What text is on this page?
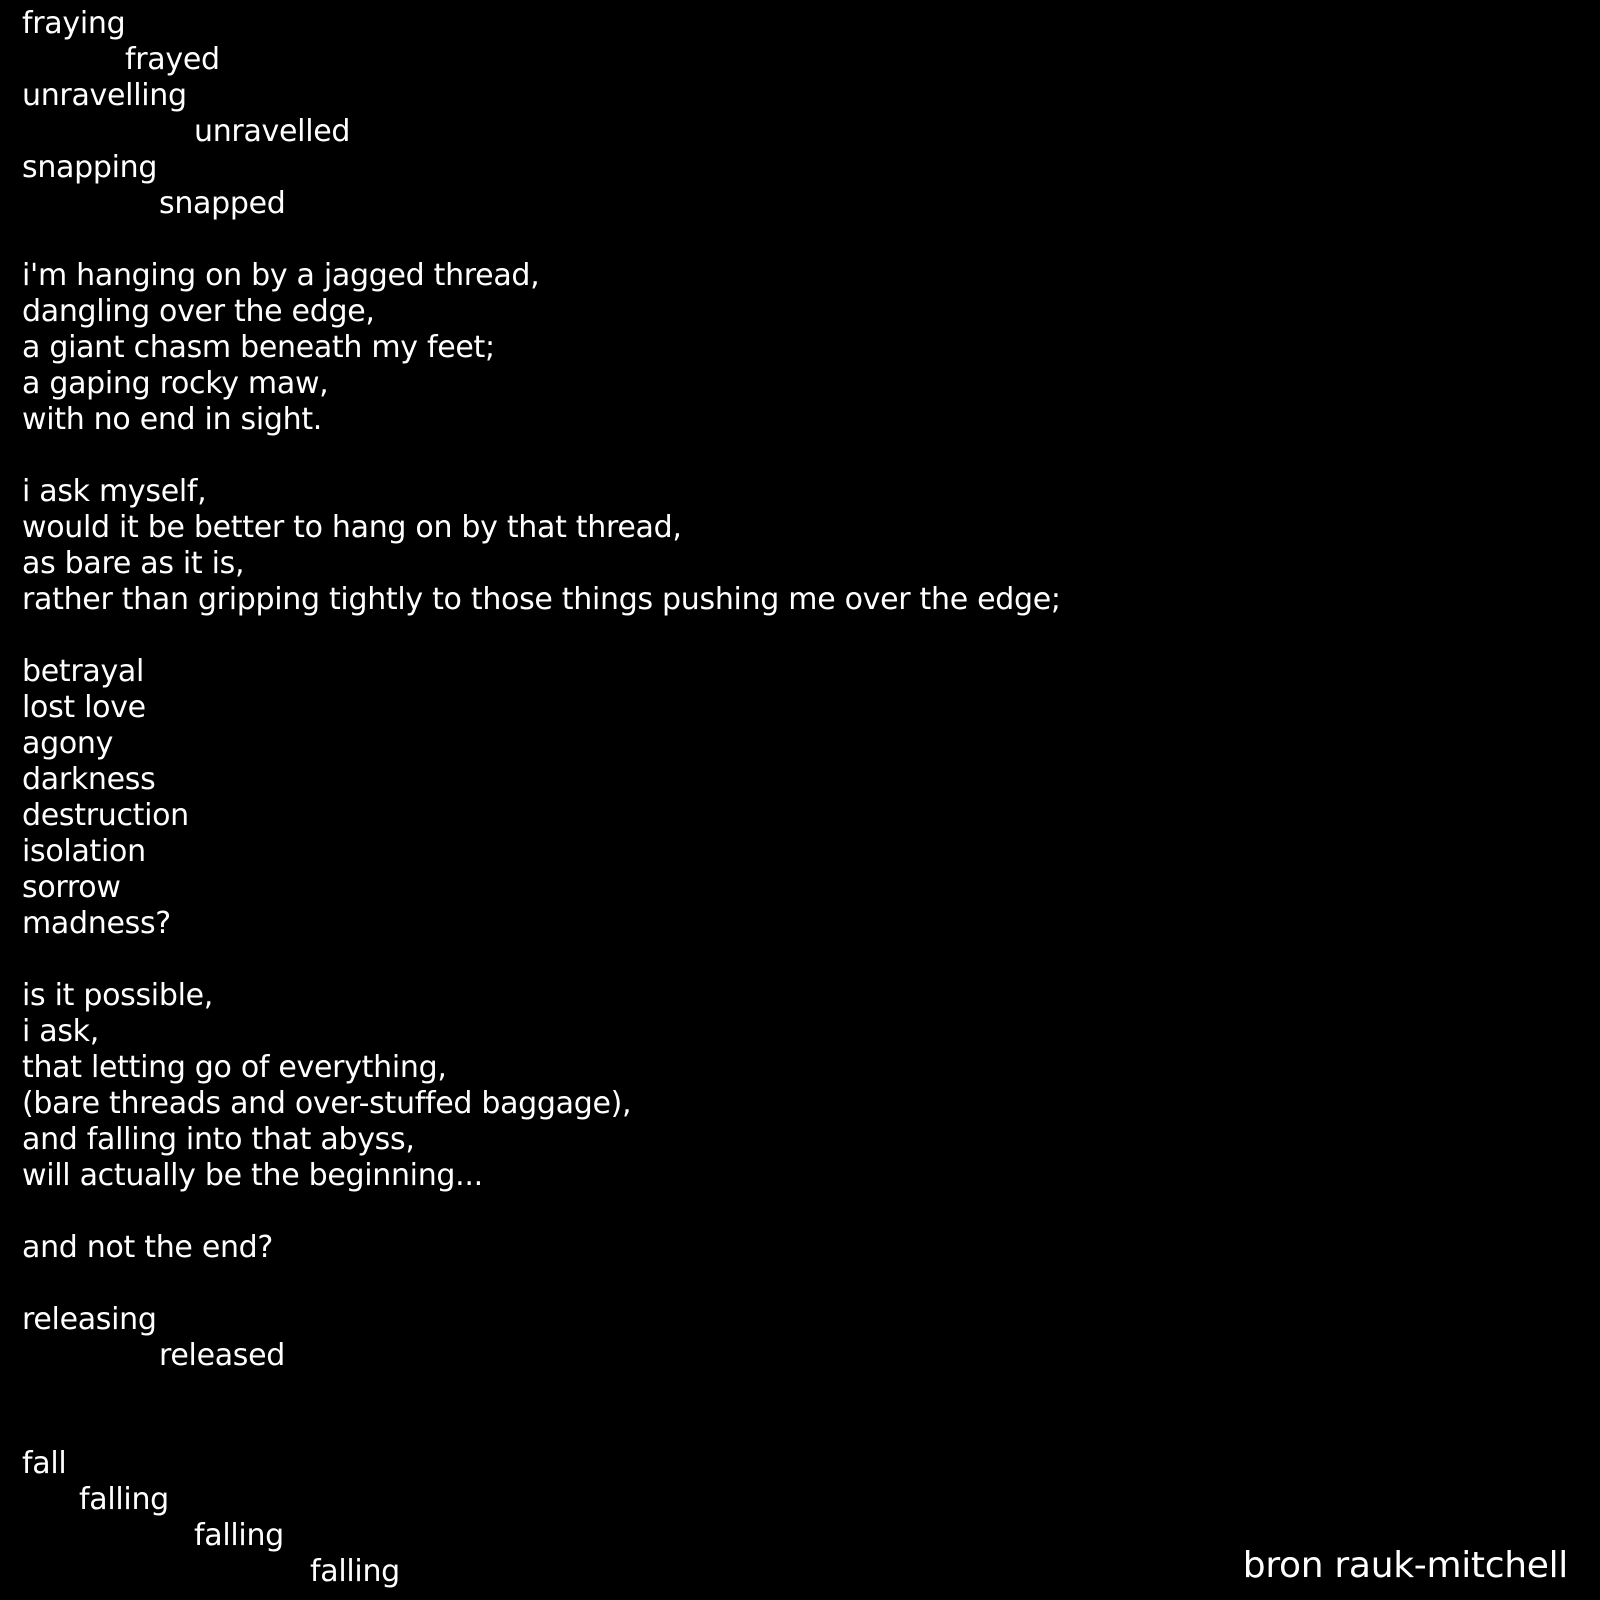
fraying
frayed
unravelling
unravelled
snapping
snapped
i'm hanging on by a jagged thread,
dangling over the edge,
a giant chasm beneath my feet;
a gaping rocky maw,
with no end in sight.
i ask myself,
would it be better to hang on by that thread,
as bare as it is,
rather than gripping tightly to those things pushing me over the edge;
betrayal
lost love
agony
darkness
destruction
isolation
sorrow
madness?
is it possible,
i ask,
that letting go of everything,
(bare threads and over-stuffed baggage),
and falling into that abyss,
will actually be the beginning...
and not the end?
releasing
released
fall
falling
falling
falling	bron rauk-mitchell
